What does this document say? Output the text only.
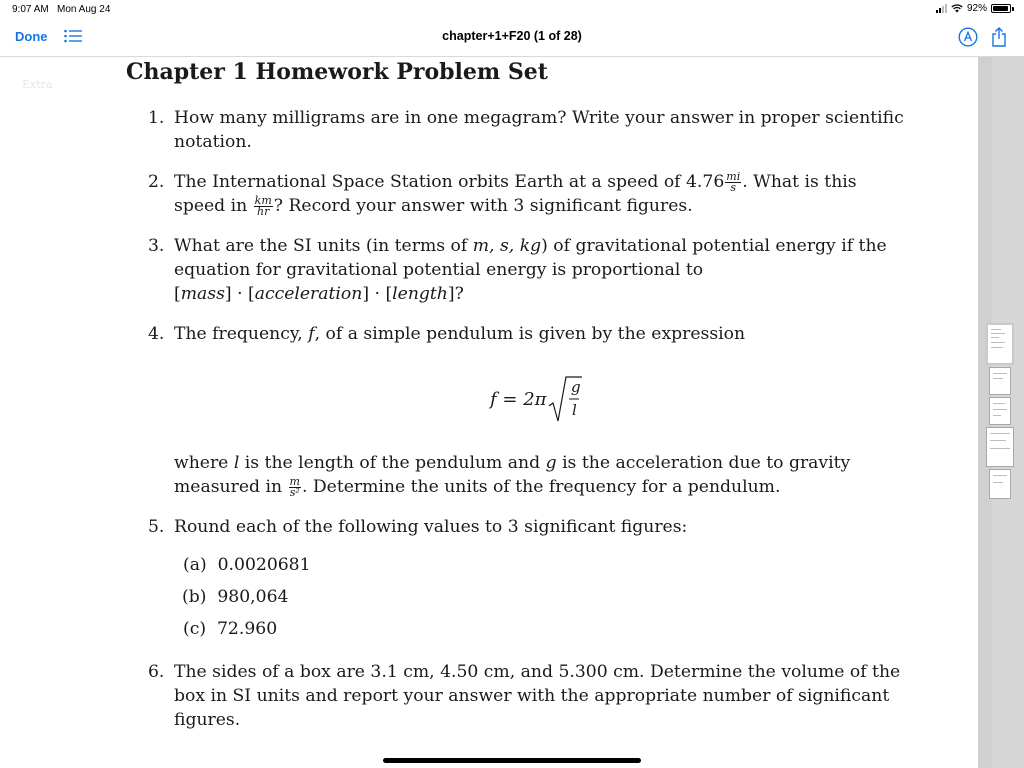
9:07 AM Mon Aug 24	92%
Done	chapter+1+F20 (1 of 28)
Extra	Chapter 1 Homework Problem Set
1. How many milligrams are in one megagram? Write your answer in proper scientific
notation.
2. The International Space Station orbits Earth at a speed of $4.76 \frac{mi}{s}$ . What is this
speed in $\frac{km}{hr}$ ? Record your answer with 3 significant figures.
3. What are the SI units (in terms of m, s, kg) of gravitational potential energy if the
equation for gravitational potential energy is proportional to
[mass] · [acceleration] · [length]?
4. The frequency, f, of a simple pendulum is given by the expression
f = 2π
g
l
where l is the length of the pendulum and g is the acceleration due to gravity
measured in $\frac{m}{\text{s²}}$ . Determine the units of the frequency for a pendulum.
5. Round each of the following values to 3 significant figures:
(a) 0.0020681
(b) 980,064
(c) 72.960
6. The sides of a box are 3.1 cm, 4.50 cm, and 5.300 cm. Determine the volume of the
box in SI units and report your answer with the appropriate number of significant
figures.
